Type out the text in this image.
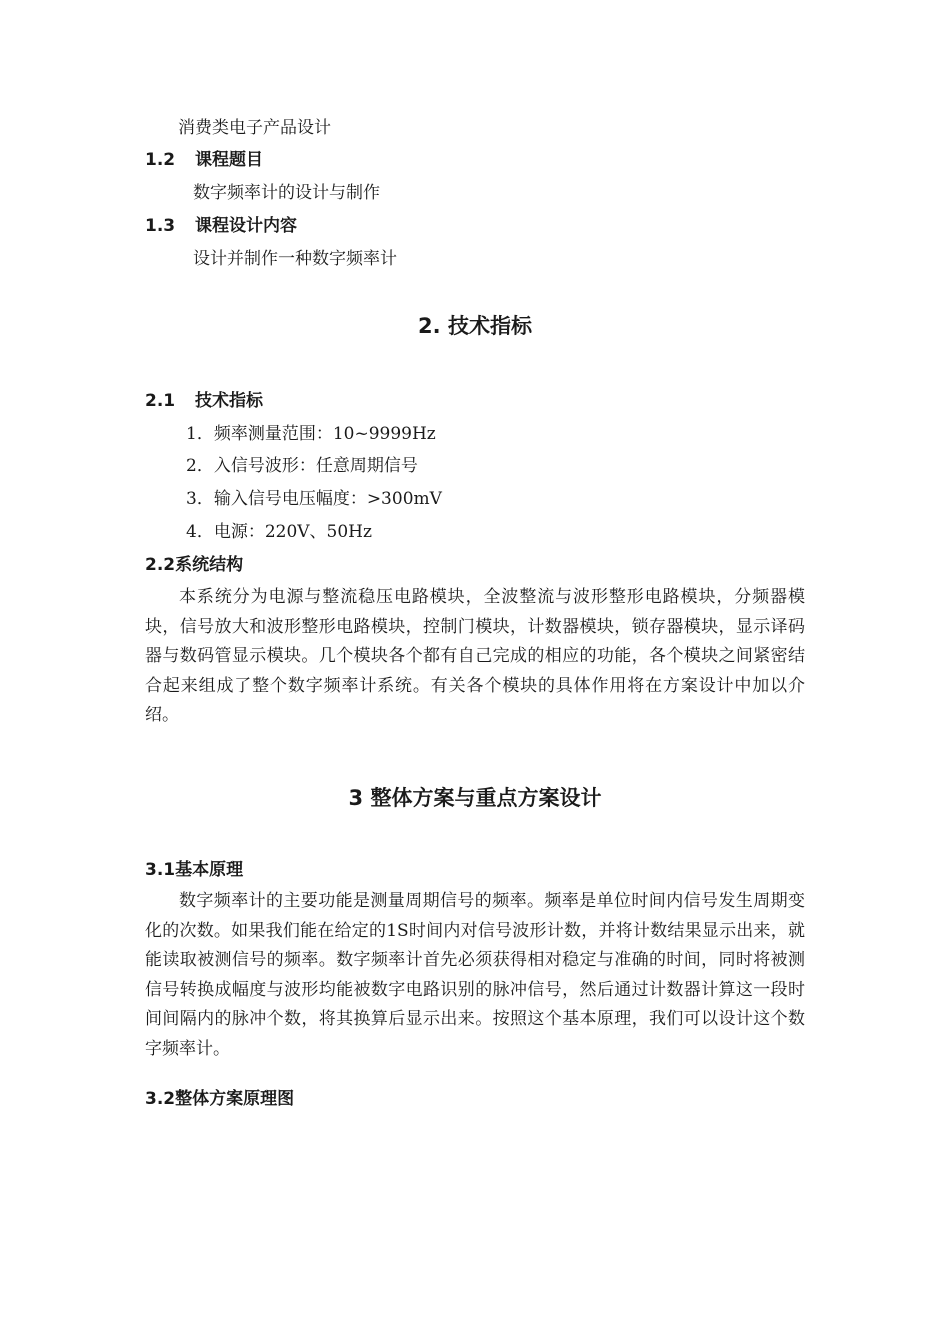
消费类电子产品设计
1.2 课程题目
数字频率计的设计与制作
1.3 课程设计内容
设计并制作一种数字频率计
2. 技术指标
2.1 技术指标
1．频率测量范围：10~9999Hz
2．入信号波形：任意周期信号
3．输入信号电压幅度：>300mV
4．电源：220V、50Hz
2.2系统结构
本系统分为电源与整流稳压电路模块，全波整流与波形整形电路模块，分频器模块，信号放大和波形整形电路模块，控制门模块，计数器模块，锁存器模块，显示译码器与数码管显示模块。几个模块各个都有自己完成的相应的功能，各个模块之间紧密结合起来组成了整个数字频率计系统。有关各个模块的具体作用将在方案设计中加以介绍。
3 整体方案与重点方案设计
3.1基本原理
数字频率计的主要功能是测量周期信号的频率。频率是单位时间内信号发生周期变化的次数。如果我们能在给定的1S时间内对信号波形计数，并将计数结果显示出来，就能读取被测信号的频率。数字频率计首先必须获得相对稳定与准确的时间，同时将被测信号转换成幅度与波形均能被数字电路识别的脉冲信号，然后通过计数器计算这一段时间间隔内的脉冲个数，将其换算后显示出来。按照这个基本原理，我们可以设计这个数字频率计。
3.2整体方案原理图
